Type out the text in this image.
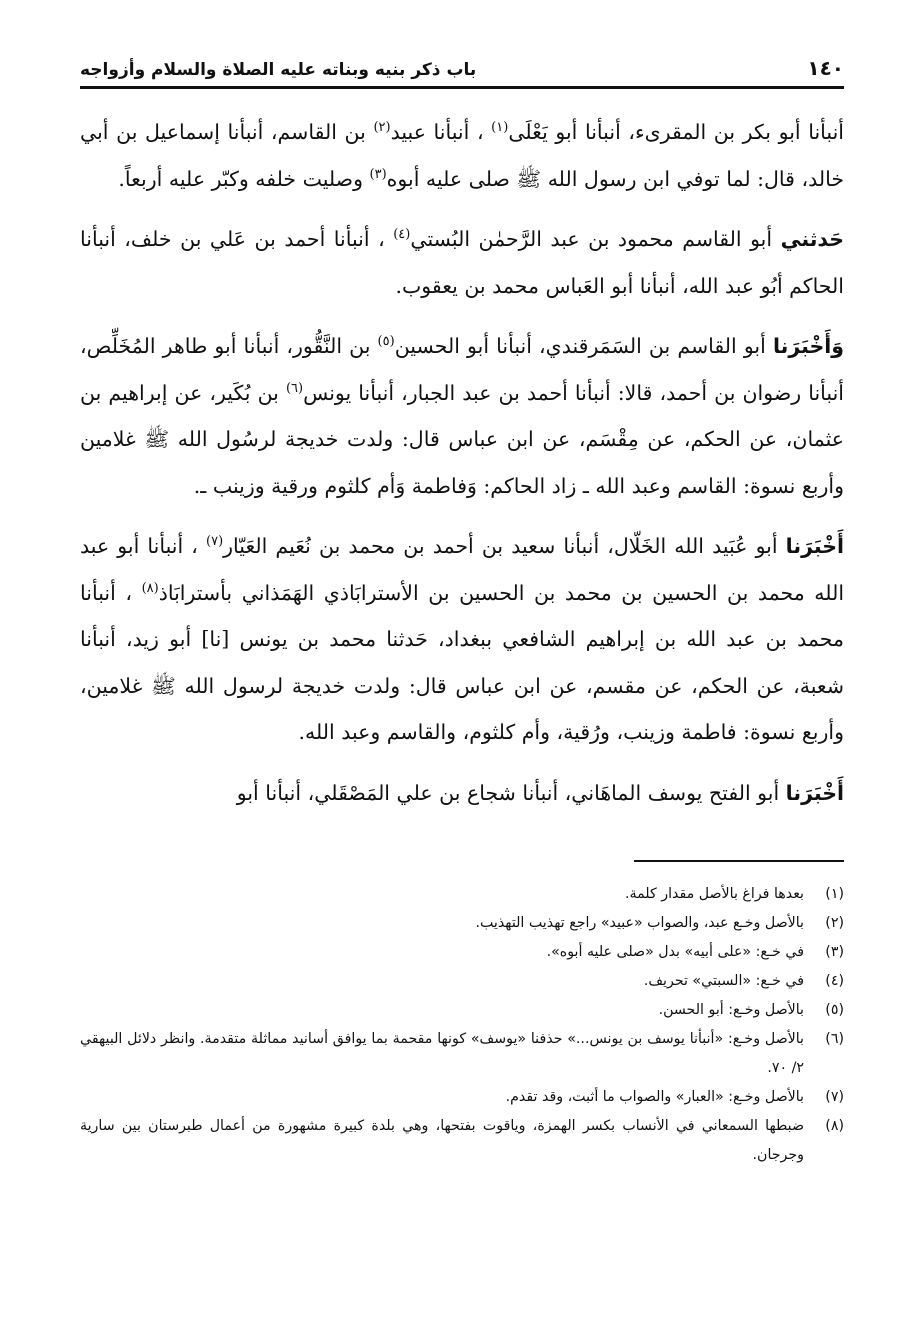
١٤٠
باب ذكر بنيه وبناته عليه الصلاة والسلام وأزواجه

أنبأنا أبو بكر بن المقرىء، أنبأنا أبو يَعْلَى$^{(١)}$ ، أنبأنا عبيد$^{(٢)}$ بن القاسم، أنبأنا إسماعيل بن أبي خالد، قال: لما توفي ابن رسول الله ﷺ صلى عليه أبوه$^{(٣)}$ وصليت خلفه وكبّر عليه أربعاً.

حَدثني أبو القاسم محمود بن عبد الرَّحمٰن البُستي$^{(٤)}$ ، أنبأنا أحمد بن عَلي بن خلف، أنبأنا الحاكم أبُو عبد الله، أنبأنا أبو العَباس محمد بن يعقوب.

وَأَخْبَرَنا أبو القاسم بن السَمَرقندي، أنبأنا أبو الحسين$^{(٥)}$ بن النَّقُّور، أنبأنا أبو طاهر المُخَلِّص، أنبأنا رضوان بن أحمد، قالا: أنبأنا أحمد بن عبد الجبار، أنبأنا يونس$^{(٦)}$ بن بُكَير، عن إبراهيم بن عثمان، عن الحكم، عن مِقْسَم، عن ابن عباس قال: ولدت خديجة لرسُول الله ﷺ غلامين وأربع نسوة: القاسم وعبد الله ـ زاد الحاكم: وَفاطمة وَأم كلثوم ورقية وزينب ـ.

أَخْبَرَنا أبو عُبَيد الله الخَلّال، أنبأنا سعيد بن أحمد بن محمد بن نُعَيم العَيّار$^{(٧)}$ ، أنبأنا أبو عبد الله محمد بن الحسين بن محمد بن الحسين بن الأسترابَاذي الهَمَذاني بأسترابَاذ$^{(٨)}$ ، أنبأنا محمد بن عبد الله بن إبراهيم الشافعي ببغداد، حَدثنا محمد بن يونس [نا] أبو زيد، أنبأنا شعبة، عن الحكم، عن مقسم، عن ابن عباس قال: ولدت خديجة لرسول الله ﷺ غلامين، وأربع نسوة: فاطمة وزينب، ورُقية، وأم كلثوم، والقاسم وعبد الله.

أَخْبَرَنا أبو الفتح يوسف الماهَاني، أنبأنا شجاع بن علي المَصْقَلي، أنبأنا أبو

(١)
بعدها فراغ بالأصل مقدار كلمة.
(٢)
بالأصل وخـع عبد، والصواب «عبيد» راجع تهذيب التهذيب.
(٣)
في خـع: «على أبيه» بدل «صلى عليه أبوه».
(٤)
في خـع: «السبتي» تحريف.
(٥)
بالأصل وخـع: أبو الحسن.
(٦)
بالأصل وخـع: «أنبأنا يوسف بن يونس...» حذفنا «يوسف» كونها مقحمة بما يوافق أسانيد مماثلة متقدمة. وانظر دلائل البيهقي ٢/ ٧٠.
(٧)
بالأصل وخـع: «العبار» والصواب ما أثبت، وقد تقدم.
(٨)
ضبطها السمعاني في الأنساب بكسر الهمزة، وياقوت بفتحها، وهي بلدة كبيرة مشهورة من أعمال طبرستان بين سارية وجرجان.
